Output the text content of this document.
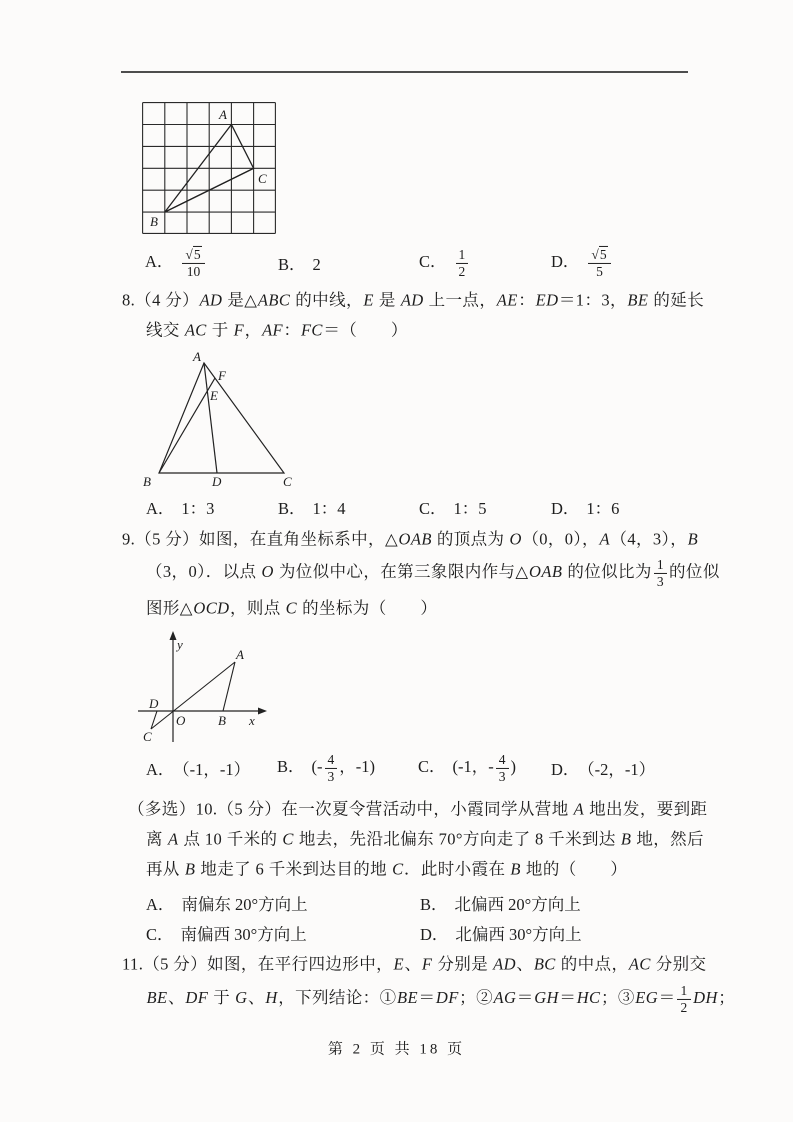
A
C
B
A． $\frac{√5}{10}$	B． 2	C． $\frac{1}{2}$	D． $\frac{√5}{5}$
8.（4 分）AD 是△ABC 的中线，E 是 AD 上一点，AE：ED＝1：3，BE 的延长
线交 AC 于 F，AF：FC＝（　　）
A
F
E
B	D	C
A． 1：3	B． 1：4	C． 1：5	D． 1：6
9.（5 分）如图，在直角坐标系中，△OAB 的顶点为 O（0，0），A（4，3），B
（3，0）．以点 O 为位似中心，在第三象限内作与△OAB 的位似比为 $\frac{1}{3}$ 的位似
图形△OCD，则点 C 的坐标为（　　）
y
x
O
A
B
D
C
A． （-1，-1） B． (- $\frac{4}{3}$ ，-1)	C． (-1，- $\frac{4}{3}$ ) D． （-2，-1）
（多选）10.（5 分）在一次夏令营活动中，小霞同学从营地 A 地出发，要到距
离 A 点 10 千米的 C 地去，先沿北偏东 70°方向走了 8 千米到达 B 地，然后
再从 B 地走了 6 千米到达目的地 C．此时小霞在 B 地的（　　）
A． 南偏东 20°方向上	B． 北偏西 20°方向上
C． 南偏西 30°方向上	D． 北偏西 30°方向上
11.（5 分）如图，在平行四边形中，E、F 分别是 AD、BC 的中点，AC 分别交
BE、DF 于 G、H，下列结论：①BE＝DF；②AG＝GH＝HC；③EG＝ $\frac{1}{2}$ DH；
第 2 页 共 18 页
